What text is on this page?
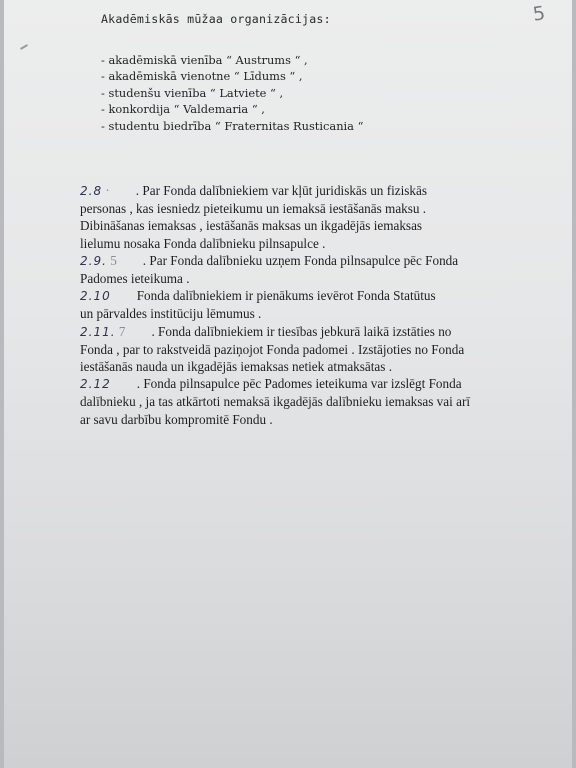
5
Akadēmiskās mūžaa organizācijas:
- akadēmiskā vienība “ Austrums “ ,
- akadēmiskā vienotne “ Līdums “ ,
- studenšu vienība “ Latviete “ ,
- konkordija “ Valdemaria “ ,
- studentu biedrība “ Fraternitas Rusticania “
2.8 · . Par Fonda dalībniekiem var kļūt juridiskās un fiziskās
personas , kas iesniedz pieteikumu un iemaksā iestāšanās maksu .
Dibināšanas iemaksas , iestāšanās maksas un ikgadējās iemaksas
lielumu nosaka Fonda dalībnieku pilnsapulce .
2.9. 5 . Par Fonda dalībnieku uzņem Fonda pilnsapulce pēc Fonda
Padomes ieteikuma .
2.10 Fonda dalībniekiem ir pienākums ievērot Fonda Statūtus
un pārvaldes institūciju lēmumus .
2.11. 7 . Fonda dalībniekiem ir tiesības jebkurā laikā izstāties no
Fonda , par to rakstveidā paziņojot Fonda padomei . Izstājoties no Fonda
iestāšanās nauda un ikgadējās iemaksas netiek atmaksātas .
2.12 . Fonda pilnsapulce pēc Padomes ieteikuma var izslēgt Fonda
dalībnieku , ja tas atkārtoti nemaksā ikgadējās dalībnieku iemaksas vai arī
ar savu darbību kompromitē Fondu .
